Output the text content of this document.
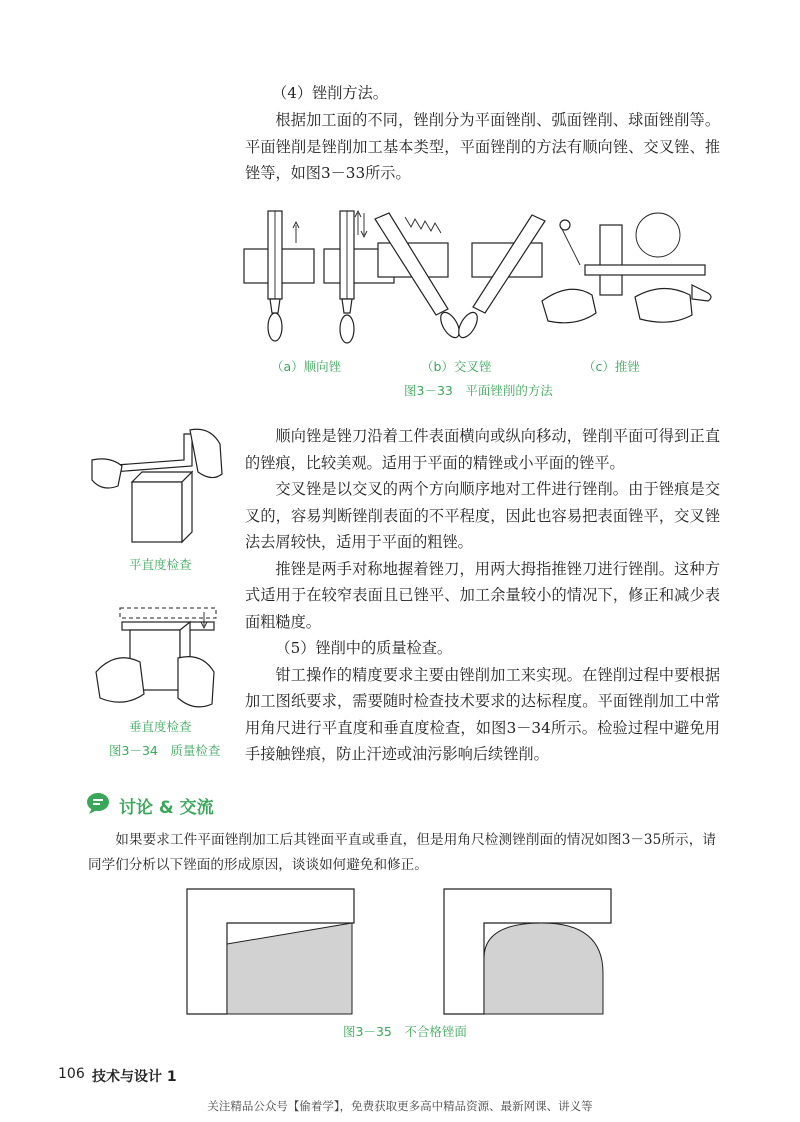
（4）锉削方法。

根据加工面的不同，锉削分为平面锉削、弧面锉削、球面锉削等。平面锉削是锉削加工基本类型，平面锉削的方法有顺向锉、交叉锉、推锉等，如图3－33所示。

（a）顺向锉	（b）交叉锉	（c）推锉
图3－33　平面锉削的方法
平直度检查
垂直度检查
图3－34　质量检查

顺向锉是锉刀沿着工件表面横向或纵向移动，锉削平面可得到正直的锉痕，比较美观。适用于平面的精锉或小平面的锉平。

交叉锉是以交叉的两个方向顺序地对工件进行锉削。由于锉痕是交叉的，容易判断锉削表面的不平程度，因此也容易把表面锉平，交叉锉法去屑较快，适用于平面的粗锉。

推锉是两手对称地握着锉刀，用两大拇指推锉刀进行锉削。这种方式适用于在较窄表面且已锉平、加工余量较小的情况下，修正和减少表面粗糙度。

（5）锉削中的质量检查。

钳工操作的精度要求主要由锉削加工来实现。在锉削过程中要根据加工图纸要求，需要随时检查技术要求的达标程度。平面锉削加工中常用角尺进行平直度和垂直度检查，如图3－34所示。检验过程中避免用手接触锉痕，防止汗迹或油污影响后续锉削。

讨论 & 交流

如果要求工件平面锉削加工后其锉面平直或垂直，但是用角尺检测锉削面的情况如图3－35所示，请同学们分析以下锉面的形成原因，谈谈如何避免和修正。

图3－35　不合格锉面
106 技术与设计 1
关注精品公众号【偷着学】，免费获取更多高中精品资源、最新网课、讲义等
